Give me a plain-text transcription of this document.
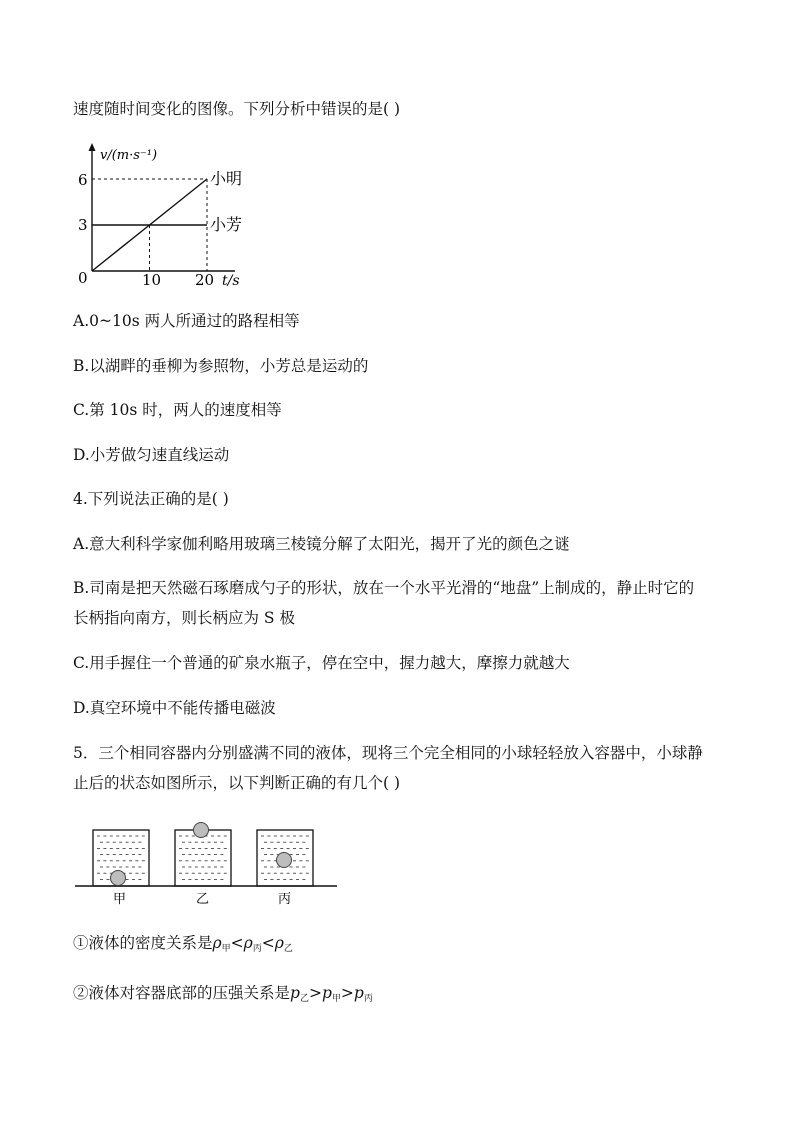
速度随时间变化的图像。下列分析中错误的是( )
v/(m·s⁻¹)
t/s
0	10 20
3
6	小明
小芳
A.0~10s 两人所通过的路程相等
B.以湖畔的垂柳为参照物，小芳总是运动的
C.第 10s 时，两人的速度相等
D.小芳做匀速直线运动
4.下列说法正确的是( )
A.意大利科学家伽利略用玻璃三棱镜分解了太阳光，揭开了光的颜色之谜
B.司南是把天然磁石琢磨成勺子的形状，放在一个水平光滑的“地盘”上制成的，静止时它的
长柄指向南方，则长柄应为 S 极
C.用手握住一个普通的矿泉水瓶子，停在空中，握力越大，摩擦力就越大
D.真空环境中不能传播电磁波
5．三个相同容器内分别盛满不同的液体，现将三个完全相同的小球轻轻放入容器中，小球静
止后的状态如图所示，以下判断正确的有几个( )
甲	乙	丙
①液体的密度关系是$\rho_甲<\rho_丙<\rho_乙$
②液体对容器底部的压强关系是$p_乙>p_甲>p_丙$
